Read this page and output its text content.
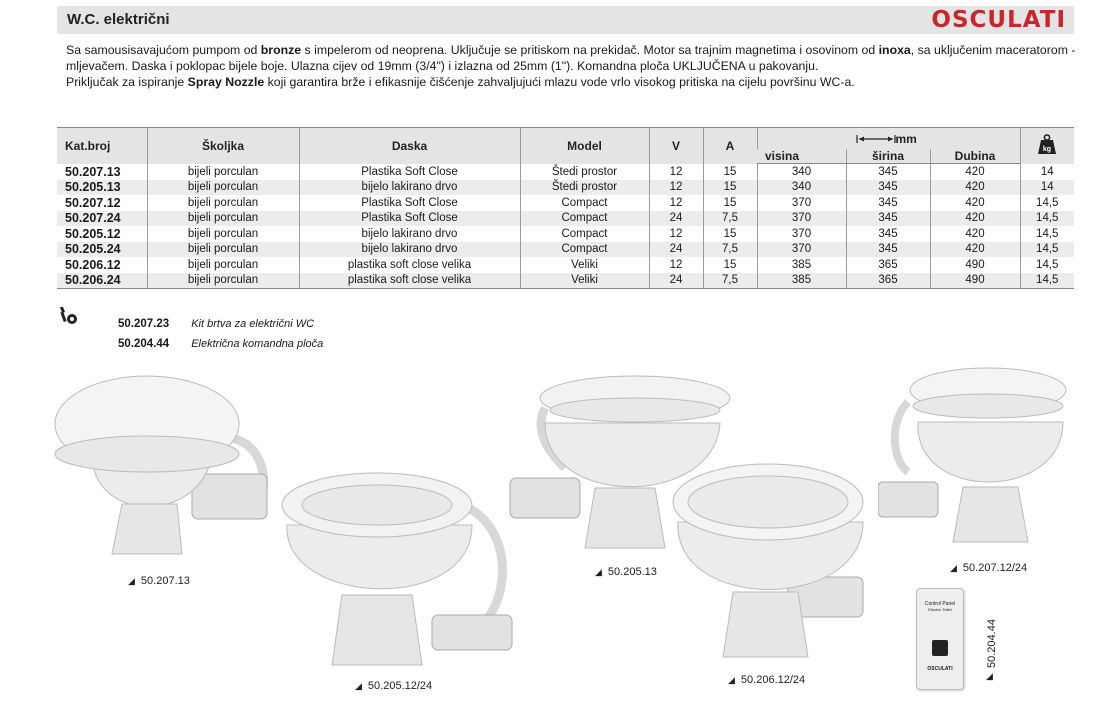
W.C. električni	OSCULATI
Sa samousisavajućom pumpom od bronze s impelerom od neoprena. Uključuje se pritiskom na prekidač. Motor sa trajnim magnetima i osovinom od inoxa, sa uključenim maceratorom - mljevačem. Daska i poklopac bijele boje. Ulazna cijev od 19mm (3/4") i izlazna od 25mm (1"). Komandna ploča UKLJUČENA u pakovanju.
Priključak za ispiranje Spray Nozzle koji garantira brže i efikasnije čišćenje zahvaljujući mlazu vode vrlo visokog pritiska na cijelu površinu WC-a.
Kat.broj	Školjka	Daska	Model	V	A	mm			kg

						visina	širina	Dubina	
50.207.13	bijeli porculan	Plastika Soft Close	Štedi prostor	12	15	340	345	420	14
50.205.13	bijeli porculan	bijelo lakirano drvo	Štedi prostor	12	15	340	345	420	14
50.207.12	bijeli porculan	Plastika Soft Close	Compact	12	15	370	345	420	14,5
50.207.24	bijeli porculan	Plastika Soft Close	Compact	24	7,5	370	345	420	14,5
50.205.12	bijeli porculan	bijelo lakirano drvo	Compact	12	15	370	345	420	14,5
50.205.24	bijeli porculan	bijelo lakirano drvo	Compact	24	7,5	370	345	420	14,5
50.206.12	bijeli porculan	plastika soft close velika	Veliki	12	15	385	365	490	14,5
50.206.24	bijeli porculan	plastika soft close velika	Veliki	24	7,5	385	365	490	14,5
50.207.23 Kit brtva za električni WC
50.204.44 Električna komandna ploča
◢ 50.207.13
◢ 50.205.12/24
◢ 50.205.13
◢ 50.206.12/24
◢ 50.207.12/24
Control Panel
Electric Toilet
OSCULATI
50.204.44
◢
